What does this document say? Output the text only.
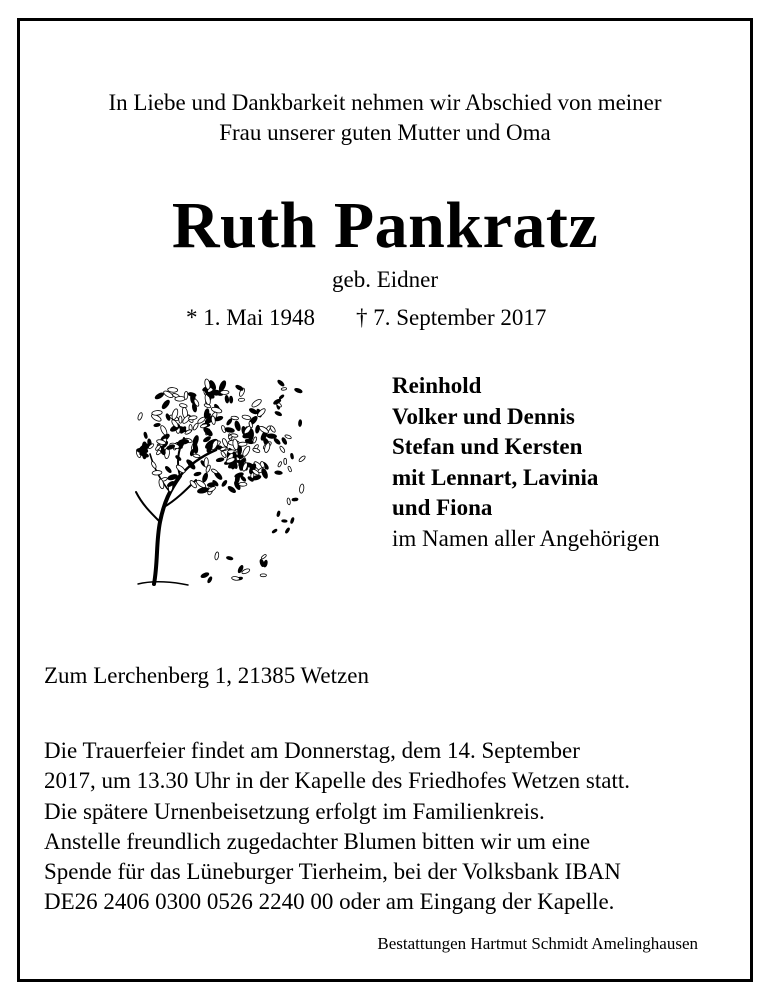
In Liebe und Dankbarkeit nehmen wir Abschied von meiner
Frau unserer guten Mutter und Oma
Ruth Pankratz
geb. Eidner
* 1. Mai 1948 † 7. September 2017
Reinhold
Volker und Dennis
Stefan und Kersten
mit Lennart, Lavinia
und Fiona
im Namen aller Angehörigen
Zum Lerchenberg 1, 21385 Wetzen
Die Trauerfeier findet am Donnerstag, dem 14. September
2017, um 13.30 Uhr in der Kapelle des Friedhofes Wetzen statt.
Die spätere Urnenbeisetzung erfolgt im Familienkreis.
Anstelle freundlich zugedachter Blumen bitten wir um eine
Spende für das Lüneburger Tierheim, bei der Volksbank IBAN
DE26 2406 0300 0526 2240 00 oder am Eingang der Kapelle.
Bestattungen Hartmut Schmidt Amelinghausen
